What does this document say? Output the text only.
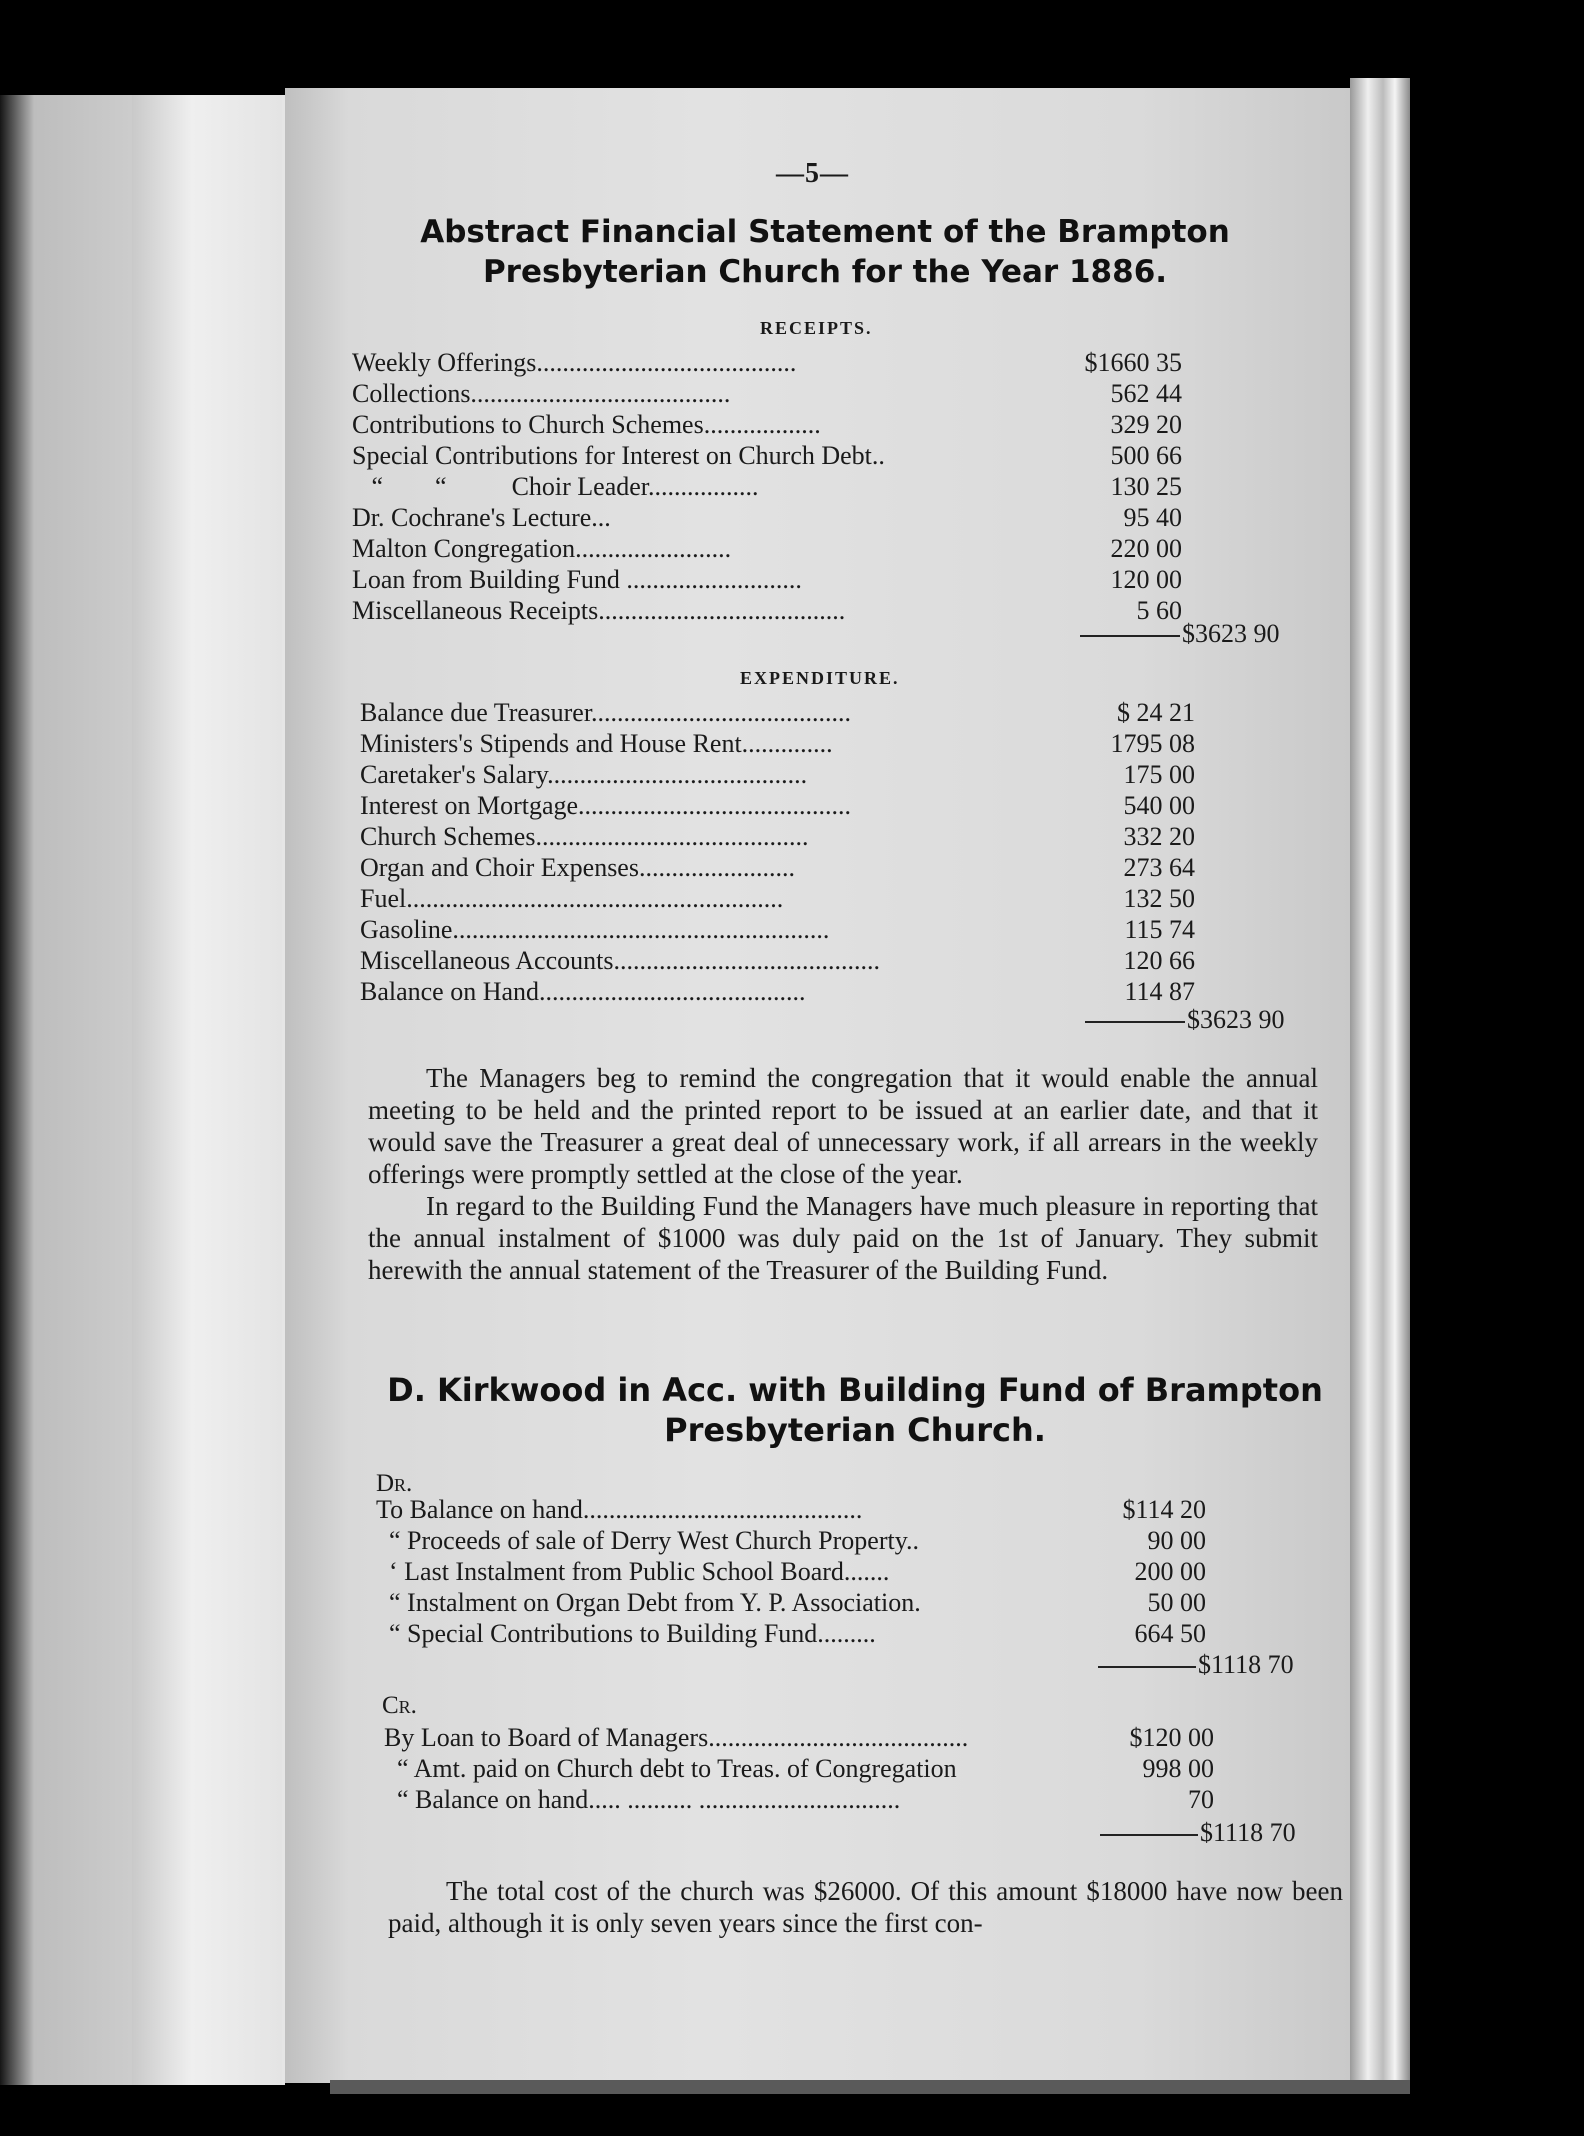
—5—
Abstract Financial Statement of the Brampton Presbyterian Church for the Year 1886.
RECEIPTS.
Weekly Offerings........................................	$1660 35
Collections........................................	562 44
Contributions to Church Schemes..................	329 20
Special Contributions for Interest on Church Debt..	500 66
“        “          Choir Leader.................	130 25
Dr. Cochrane's Lecture...	95 40
Malton Congregation........................	220 00
Loan from Building Fund ...........................	120 00
Miscellaneous Receipts......................................	5 60
$3623 90
EXPENDITURE.
Balance due Treasurer........................................	$ 24 21
Ministers's Stipends and House Rent..............	1795 08
Caretaker's Salary........................................	175 00
Interest on Mortgage..........................................	540 00
Church Schemes..........................................	332 20
Organ and Choir Expenses........................	273 64
Fuel..........................................................	132 50
Gasoline..........................................................	115 74
Miscellaneous Accounts.........................................	120 66
Balance on Hand.........................................	114 87
$3623 90

The Managers beg to remind the congregation that it would enable the annual meeting to be held and the printed report to be issued at an earlier date, and that it would save the Treasurer a great deal of unnecessary work, if all arrears in the weekly offerings were promptly settled at the close of the year.

In regard to the Building Fund the Managers have much pleasure in reporting that the annual instalment of $1000 was duly paid on the 1st of January. They submit herewith the annual statement of the Treasurer of the Building Fund.

D. Kirkwood in Acc. with Building Fund of Brampton Presbyterian Church.
Dr.
To Balance on hand...........................................	$114 20
“ Proceeds of sale of Derry West Church Property..	90 00
‘ Last Instalment from Public School Board.......	200 00
“ Instalment on Organ Debt from Y. P. Association.	50 00
“ Special Contributions to Building Fund.........	664 50
$1118 70
Cr.
By Loan to Board of Managers........................................	$120 00
“ Amt. paid on Church debt to Treas. of Congregation	998 00
“ Balance on hand..... .......... ...............................	70
$1118 70

The total cost of the church was $26000. Of this amount $18000 have now been paid, although it is only seven years since the first con-
